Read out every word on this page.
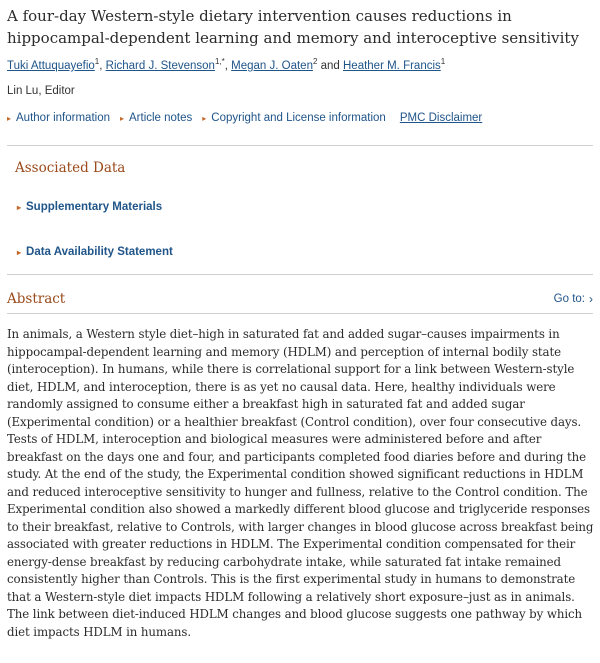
A four-day Western-style dietary intervention causes reductions in hippocampal-dependent learning and memory and interoceptive sensitivity
Tuki Attuquayefio$^1$, Richard J. Stevenson$^{1,*}$, Megan J. Oaten$^2$ and Heather M. Francis$^1$
Lin Lu, Editor
▸ Author information ▸ Article notes ▸ Copyright and License information PMC Disclaimer
Associated Data
▸ Supplementary Materials
▸ Data Availability Statement
Abstract	Go to: ›

In animals, a Western style diet–high in saturated fat and added sugar–causes impairments in hippocampal-dependent learning and memory (HDLM) and perception of internal bodily state (interoception). In humans, while there is correlational support for a link between Western-style diet, HDLM, and interoception, there is as yet no causal data. Here, healthy individuals were randomly assigned to consume either a breakfast high in saturated fat and added sugar (Experimental condition) or a healthier breakfast (Control condition), over four consecutive days. Tests of HDLM, interoception and biological measures were administered before and after breakfast on the days one and four, and participants completed food diaries before and during the study. At the end of the study, the Experimental condition showed significant reductions in HDLM and reduced interoceptive sensitivity to hunger and fullness, relative to the Control condition. The Experimental condition also showed a markedly different blood glucose and triglyceride responses to their breakfast, relative to Controls, with larger changes in blood glucose across breakfast being associated with greater reductions in HDLM. The Experimental condition compensated for their energy-dense breakfast by reducing carbohydrate intake, while saturated fat intake remained consistently higher than Controls. This is the first experimental study in humans to demonstrate that a Western-style diet impacts HDLM following a relatively short exposure–just as in animals. The link between diet-induced HDLM changes and blood glucose suggests one pathway by which diet impacts HDLM in humans.
